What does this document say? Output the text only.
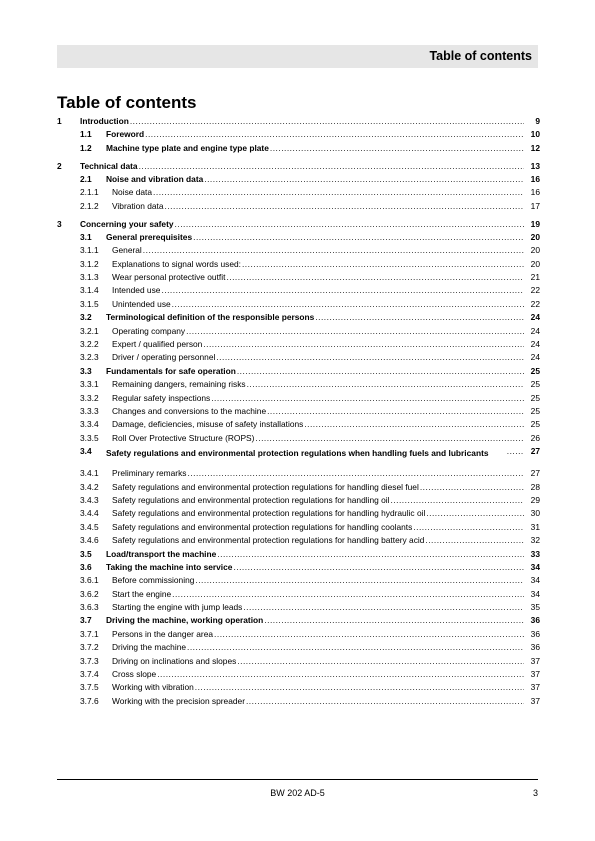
Table of contents
Table of contents
1 Introduction .....	9
1.1 Foreword .....	10
1.2 Machine type plate and engine type plate .....	12
2 Technical data .....	13
2.1 Noise and vibration data .....	16
2.1.1 Noise data .....	16
2.1.2 Vibration data .....	17
3 Concerning your safety .....	19
3.1 General prerequisites .....	20
3.1.1 General .....	20
3.1.2 Explanations to signal words used: .....	20
3.1.3 Wear personal protective outfit .....	21
3.1.4 Intended use .....	22
3.1.5 Unintended use .....	22
3.2 Terminological definition of the responsible persons .....	24
3.2.1 Operating company .....	24
3.2.2 Expert / qualified person .....	24
3.2.3 Driver / operating personnel .....	24
3.3 Fundamentals for safe operation .....	25
3.3.1 Remaining dangers, remaining risks .....	25
3.3.2 Regular safety inspections .....	25
3.3.3 Changes and conversions to the machine .....	25
3.3.4 Damage, deficiencies, misuse of safety installations .....	25
3.3.5 Roll Over Protective Structure (ROPS) .....	26
3.4 Safety regulations and environmental protection regulations when handling fuels and lubricants .....	27
3.4.1 Preliminary remarks .....	27
3.4.2 Safety regulations and environmental protection regulations for handling diesel fuel .....	28
3.4.3 Safety regulations and environmental protection regulations for handling oil .....	29
3.4.4 Safety regulations and environmental protection regulations for handling hydraulic oil .....	30
3.4.5 Safety regulations and environmental protection regulations for handling coolants .....	31
3.4.6 Safety regulations and environmental protection regulations for handling battery acid .....	32
3.5 Load/transport the machine .....	33
3.6 Taking the machine into service .....	34
3.6.1 Before commissioning .....	34
3.6.2 Start the engine .....	34
3.6.3 Starting the engine with jump leads .....	35
3.7 Driving the machine, working operation .....	36
3.7.1 Persons in the danger area .....	36
3.7.2 Driving the machine .....	36
3.7.3 Driving on inclinations and slopes .....	37
3.7.4 Cross slope .....	37
3.7.5 Working with vibration .....	37
3.7.6 Working with the precision spreader .....	37
BW 202 AD-5	3
